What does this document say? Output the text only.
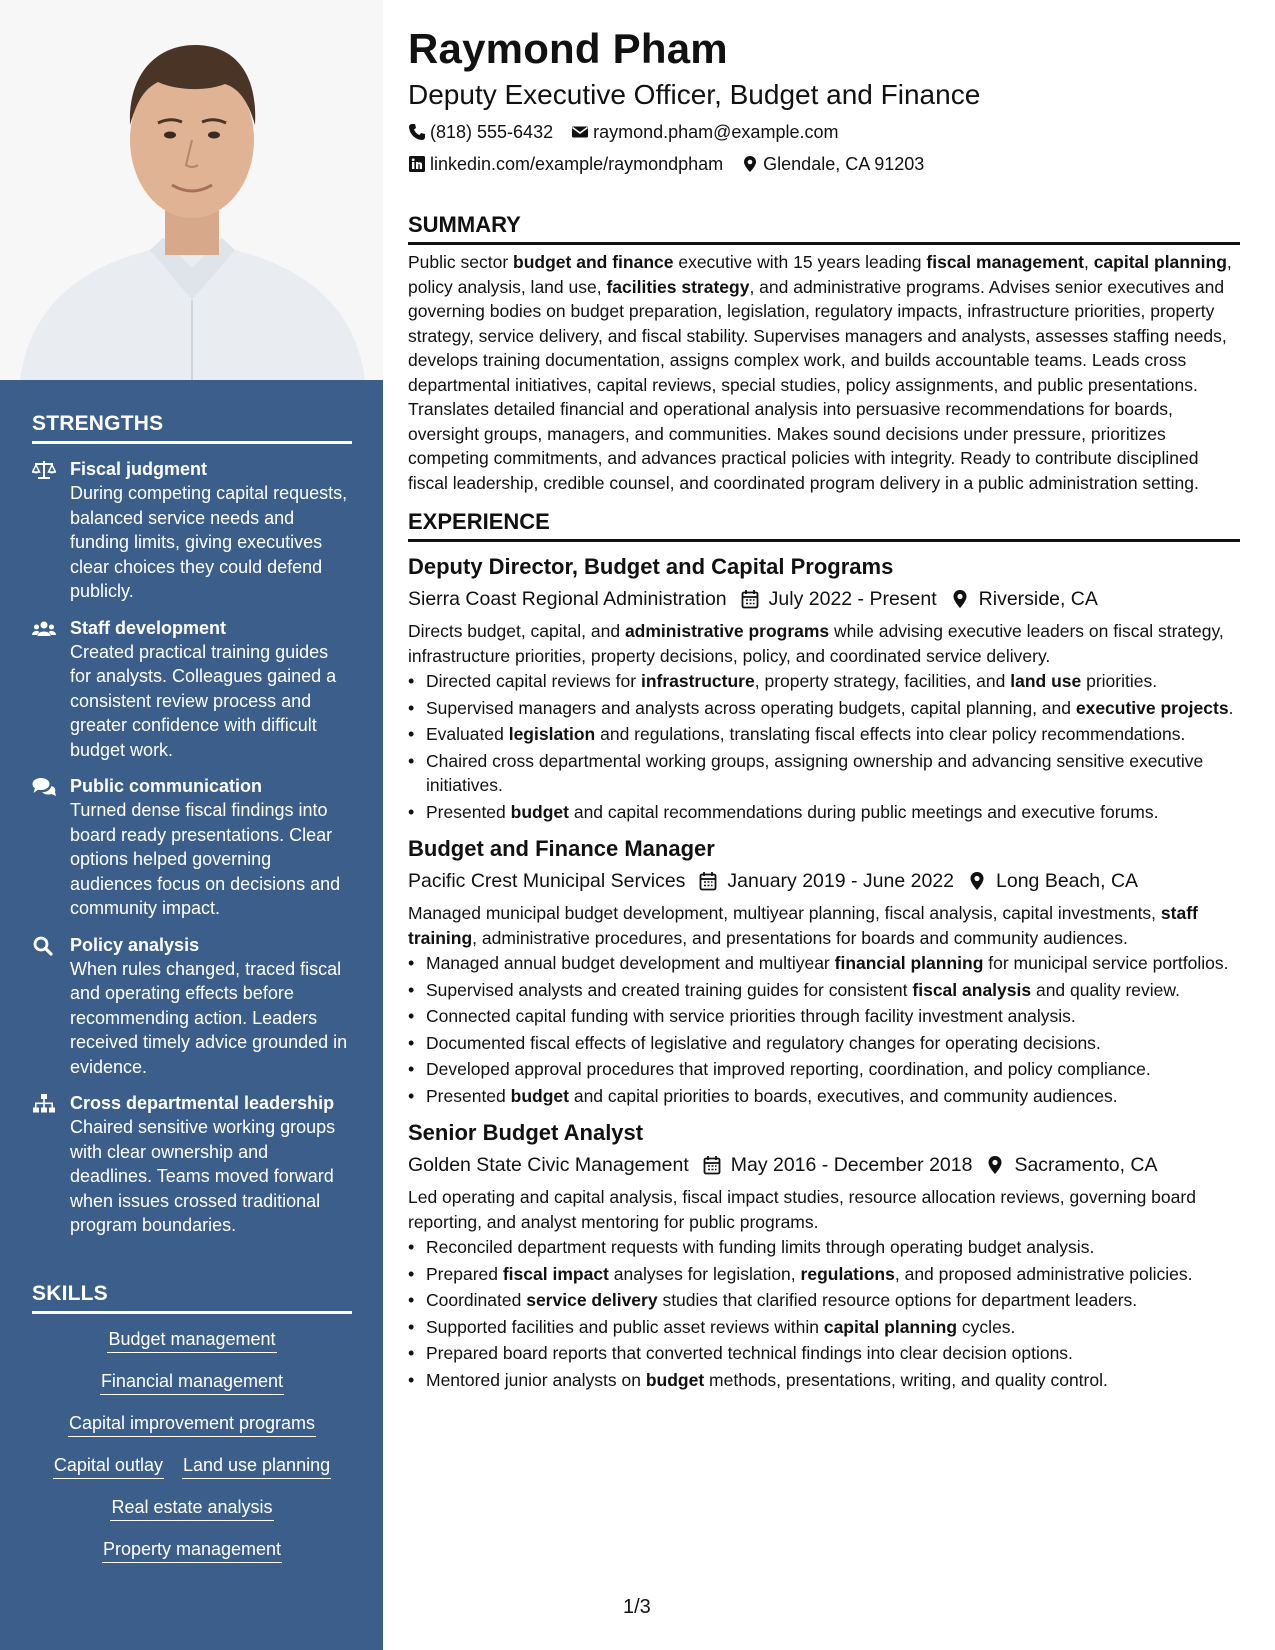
STRENGTHS
Fiscal judgment
During competing capital requests, balanced service needs and funding limits, giving executives clear choices they could defend publicly.
Staff development
Created practical training guides for analysts. Colleagues gained a consistent review process and greater confidence with difficult budget work.
Public communication
Turned dense fiscal findings into board ready presentations. Clear options helped governing audiences focus on decisions and community impact.
Policy analysis
When rules changed, traced fiscal and operating effects before recommending action. Leaders received timely advice grounded in evidence.
Cross departmental leadership
Chaired sensitive working groups with clear ownership and deadlines. Teams moved forward when issues crossed traditional program boundaries.
SKILLS
Budget management
Financial management
Capital improvement programs
Capital outlay Land use planning
Real estate analysis
Property management
Raymond Pham
Deputy Executive Officer, Budget and Finance
(818) 555-6432 raymond.pham@example.com
linkedin.com/example/raymondpham Glendale, CA 91203
SUMMARY

Public sector budget and finance executive with 15 years leading fiscal management, capital planning, policy analysis, land use, facilities strategy, and administrative programs. Advises senior executives and governing bodies on budget preparation, legislation, regulatory impacts, infrastructure priorities, property strategy, service delivery, and fiscal stability. Supervises managers and analysts, assesses staffing needs, develops training documentation, assigns complex work, and builds accountable teams. Leads cross departmental initiatives, capital reviews, special studies, policy assignments, and public presentations. Translates detailed financial and operational analysis into persuasive recommendations for boards, oversight groups, managers, and communities. Makes sound decisions under pressure, prioritizes competing commitments, and advances practical policies with integrity. Ready to contribute disciplined fiscal leadership, credible counsel, and coordinated program delivery in a public administration setting.

EXPERIENCE
Deputy Director, Budget and Capital Programs
Sierra Coast Regional Administration July 2022 - Present Riverside, CA

Directs budget, capital, and administrative programs while advising executive leaders on fiscal strategy, infrastructure priorities, property decisions, policy, and coordinated service delivery.

• Directed capital reviews for infrastructure, property strategy, facilities, and land use priorities.
• Supervised managers and analysts across operating budgets, capital planning, and executive projects.
• Evaluated legislation and regulations, translating fiscal effects into clear policy recommendations.
• Chaired cross departmental working groups, assigning ownership and advancing sensitive executive initiatives.
• Presented budget and capital recommendations during public meetings and executive forums.
Budget and Finance Manager
Pacific Crest Municipal Services January 2019 - June 2022 Long Beach, CA

Managed municipal budget development, multiyear planning, fiscal analysis, capital investments, staff training, administrative procedures, and presentations for boards and community audiences.

• Managed annual budget development and multiyear financial planning for municipal service portfolios.
• Supervised analysts and created training guides for consistent fiscal analysis and quality review.
• Connected capital funding with service priorities through facility investment analysis.
• Documented fiscal effects of legislative and regulatory changes for operating decisions.
• Developed approval procedures that improved reporting, coordination, and policy compliance.
• Presented budget and capital priorities to boards, executives, and community audiences.
Senior Budget Analyst
Golden State Civic Management May 2016 - December 2018 Sacramento, CA

Led operating and capital analysis, fiscal impact studies, resource allocation reviews, governing board reporting, and analyst mentoring for public programs.

• Reconciled department requests with funding limits through operating budget analysis.
• Prepared fiscal impact analyses for legislation, regulations, and proposed administrative policies.
• Coordinated service delivery studies that clarified resource options for department leaders.
• Supported facilities and public asset reviews within capital planning cycles.
• Prepared board reports that converted technical findings into clear decision options.
• Mentored junior analysts on budget methods, presentations, writing, and quality control.
1/3
